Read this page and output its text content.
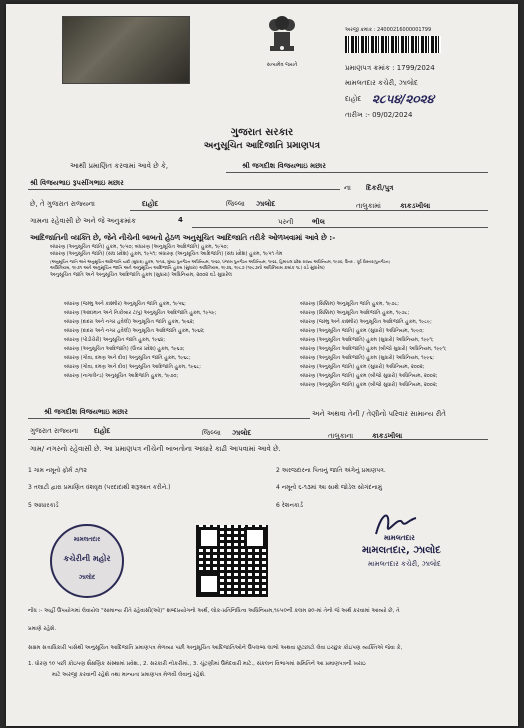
સત્યમેવ જયતે
અરજી ક્રમાંક : 24000216000001799
પ્રમાણપત્ર ક્રમાંક : 1799/2024
મામલતદાર કચેરી, ઝાલોદ
દાહોદ ૨૮૫૪/૨૦૨૪
તારીખ :- 09/02/2024
ગુજરાત સરકાર
અનુસૂચિત આદિજાતિ પ્રમાણપત્ર
આથી પ્રમાણિત કરવામાં આવે છે કે,	શ્રી જગદીશ વિજયભાઇ મછાર
શ્રી વિજયભાઇ રૂપસીંગભાઇ મછાર
ના દિકરી/પુત્ર
છે, તે ગુજરાત રાજ્યના	દાહોદ	જિલ્લા ઝાલોદ	તાલુકામાં	કાકડખીલા
ગામના રહેવાસી છે અને જે અનુક્રમાંક	4	પરની	ભીલ
આદિજાતિની વ્યક્તિ છે, જેને નીચેની બાબતો હેઠળ અનુસૂચિત આદિજાતિ તરીકે ઓળખવામાં આવે છે :-
બંધારણ (અનુસૂચિત જાતિ) હુકમ, ૧૯૫૦; બંધારણ (અનુસૂચિત આદિજાતિ) હુકમ, ૧૯૫૦;
બંધારણ (અનુસૂચિત જાતિ) (સંઘ પ્રદેશ) હુકમ, ૧૯૫૧; બંધારણ (અનુસૂચિત આદિજાતિ) (સંઘ પ્રદેશ) હુકમ, ૧૯૫૧ તેમ
(અનુસૂચિત જાતિ અને અનુસૂચિત આદિજાતિ યાદી (સુધારા) હુકમ, ૧૯૫૬, મુંબઇ પુનર્ગઠન અધિનિયમ, ૧૯૬૦, પંજાબ પુનર્ગઠન અધિનિયમ, ૧૯૬૬, હિમાચલ પ્રદેશ રાજ્ય અધિનિયમ, ૧૯૭૦, ઉત્તર - પૂર્વ વિસ્તાર(પુનર્ગઠન)
અધિનિયમ, ૧૯૭૧ અને અનુસૂચિત જાતિ અને અનુસૂચિત આદિજાતિ હુકમ (સુધારા) અધિનિયમ, ૧૯૭૬, ૧૯૮૭ (૧૯૮૭નો અધિનિયમ ક્રમાંક ૧૮) વડે સુધારેલ)
અનુસૂચિત જાતિ અને અનુસૂચિત આદિજાતિ હુકમ (સુધારા) અધિનિયમ, ૨૦૦૨ વડે સુધારેલ
બંધારણ (જમ્મુ અને કાશ્મીર) અનુસૂચિત જાતિ હુકમ, ૧૯૫૬;
બંધારણ (આંદામાન અને નિકોબાર ટાપુ) અનુસૂચિત આદિજાતિ હુકમ, ૧૯૫૯;
બંધારણ (દાદરા અને નગર હવેલી) અનુસૂચિત જાતિ હુકમ, ૧૯૬૨;
બંધારણ (દાદરા અને નગર હવેલી) અનુસૂચિત આદિજાતિ હુકમ, ૧૯૬૨;
બંધારણ (પોંડીચેરી) અનુસૂચિત જાતિ હુકમ, ૧૯૬૪;
બંધારણ (અનુસૂચિત આદિજાતિ) (ઉત્તર પ્રદેશ) હુકમ, ૧૯૬૭;
બંધારણ (ગોવા, દમણ અને દીવ) અનુસૂચિત જાતિ હુકમ, ૧૯૬૮;
બંધારણ (ગોવા, દમણ અને દીવ) અનુસૂચિત આદિજાતિ હુકમ, ૧૯૬૮;
બંધારણ (નાગાલેન્ડ) અનુસૂચિત આદિજાતિ હુકમ, ૧૯૭૦;
બંધારણ (સિક્કિમ) અનુસૂચિત જાતિ હુકમ, ૧૯૭૮;
બંધારણ (સિક્કિમ) અનુસૂચિત આદિજાતિ હુકમ, ૧૯૭૮;
બંધારણ (જમ્મુ અને કાશ્મીર) અનુસૂચિત આદિજાતિ હુકમ, ૧૯૮૯;
બંધારણ (અનુસૂચિત જાતિ) હુકમ (સુધારો) અધિનિયમ, ૧૯૯૦;
બંધારણ (અનુસૂચિત આદિજાતિ) હુકમ (સુધારો) અધિનિયમ, ૧૯૯૧;
બંધારણ (અનુસૂચિત આદિજાતિ) હુકમ (બીજો સુધારો) અધિનિયમ, ૧૯૯૧;
બંધારણ (અનુસૂચિત આદિજાતિ) હુકમ (સુધારો) અધિનિયમ, ૧૯૯૬;
બંધારણ (અનુસૂચિત જાતિ) હુકમ (સુધારો) અધિનિયમ, ૨૦૦૨;
બંધારણ (અનુસૂચિત જાતિ) હુકમ (બીજો સુધારો) અધિનિયમ, ૨૦૦૨;
બંધારણ (અનુસૂચિત જાતિ) હુકમ (બીજો સુધારો) અધિનિયમ, ૨૦૦૨;
શ્રી જગદીશ વિજયભાઇ મછાર	અને અથવા તેની / તેણીનો પરિવાર સામાન્ય રીતે
ગુજરાત રાજ્યના દાહોદ	જિલ્લા ઝાલોદ	તાલુકાના	કાકડખીલા
ગામ/ નગરનો રહેવાસી છે. આ પ્રમાણપત્ર નીચેની બાબતોના આધારે કાઢી આપવામાં આવે છે.
1 ગામ નમૂનો ફોર્મ ૭/૧૨	2 અરજદારના પિતાનું જાતિ અંગેનું પ્રમાણપત્ર.
3 તલાટી દ્વારા પ્રમાણિત વંશવૃક્ષ (પરદાદાથી શરૂઆત કરીને.)	4 નમૂનો ૬-૧૩માં આ સાથે જોડેલ સોગંદનામું
5 આધારકાર્ડ	6 રેશનકાર્ડ
મામલતદાર
કચેરીની મહોર
ઝાલોદ
મામલતદાર
મામલતદાર, ઝાલોદ
મામલતદાર કચેરી, ઝાલોદ
નોંધ :- અહીં ઉપયોગમાં લેવાયેલ "સામાન્ય રીતે રહેવાસી(ઓ)" શબ્દપ્રયોગનો અર્થ, લોક-પ્રતિનિધિત્વ અધિનિયમ,૧૯૫૦ની કલમ ૨૦-માં તેનો જે અર્થ કરવામાં આવ્યો છે, તે
પ્રમાણે રહેશે.
સક્ષમ સત્તાધિકારી પાસેથી અનુસૂચિત આદિજાતિ પ્રમાણપત્ર મેળવ્યા પછી અનુસૂચિત આદિજાતિઓને ઉપલબ્ધ લાભો અથવા છૂટછાટો લેવા ઇચ્છુક કોઇપણ વ્યક્તિએ જેવા કે,
1. ધોરણ ૧૦ પછી કોઇપણ શૈક્ષણિક સંસ્થામાં પ્રવેશ., 2. સરકારી નોકરીમાં., 3. ચૂંટણીમાં ઉમેદવારી માટે., સંકલન વિભાગમાં સમિતિને આ પ્રમાણપત્રની ખરાઇ
માટે અરજી કરવાની રહેશે તથા માન્યતા પ્રમાણપત્ર મેળવી લેવાનું રહેશે.
